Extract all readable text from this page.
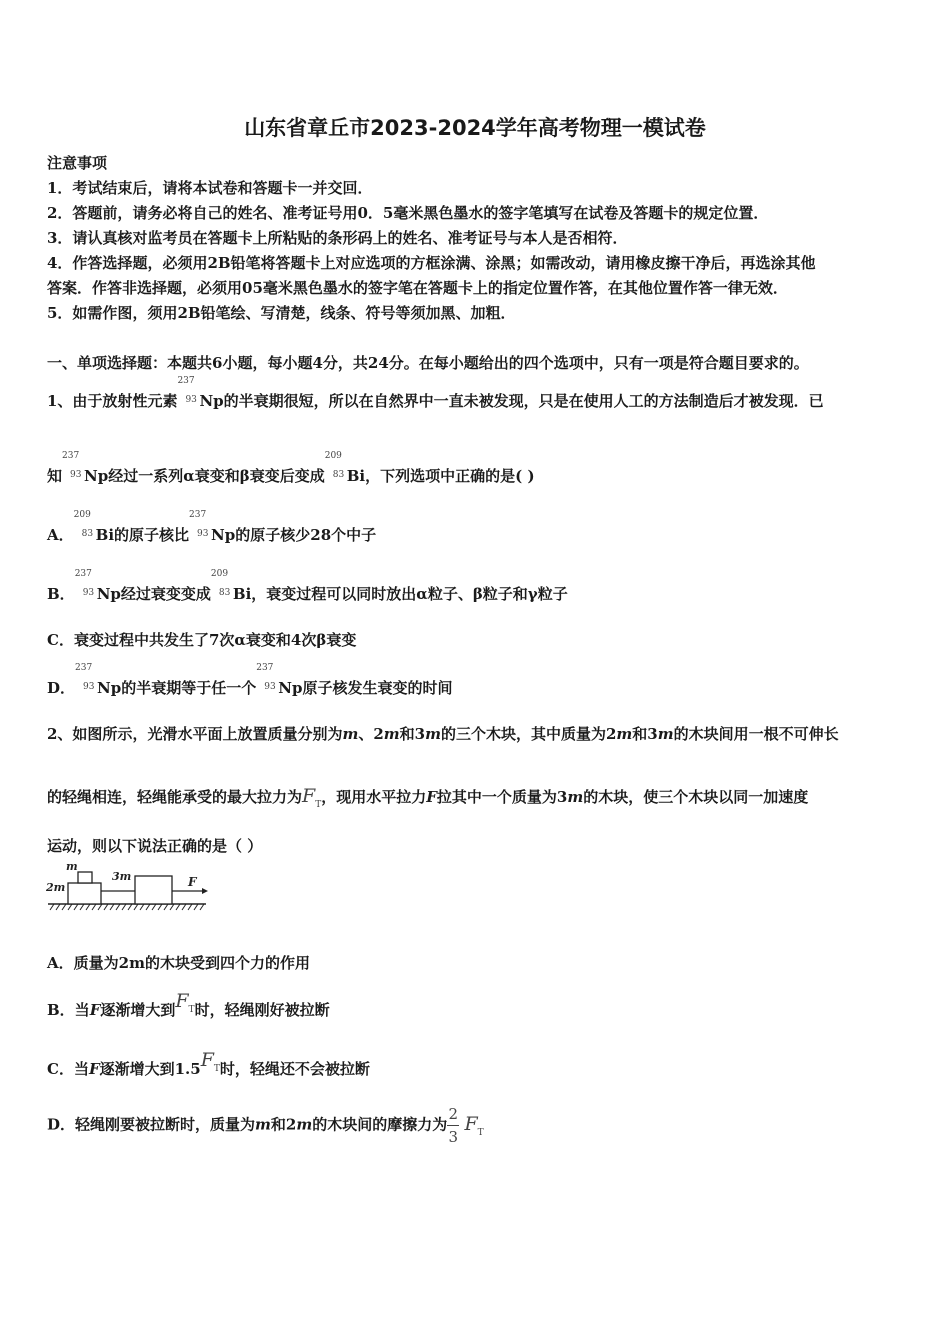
山东省章丘市2023-2024学年高考物理一模试卷
注意事项
1．考试结束后，请将本试卷和答题卡一并交回．
2．答题前，请务必将自己的姓名、准考证号用0．5毫米黑色墨水的签字笔填写在试卷及答题卡的规定位置．
3．请认真核对监考员在答题卡上所粘贴的条形码上的姓名、准考证号与本人是否相符．
4．作答选择题，必须用2B铅笔将答题卡上对应选项的方框涂满、涂黑；如需改动，请用橡皮擦干净后，再选涂其他
答案．作答非选择题，必须用05毫米黑色墨水的签字笔在答题卡上的指定位置作答，在其他位置作答一律无效．
5．如需作图，须用2B铅笔绘、写清楚，线条、符号等须加黑、加粗．
一、单项选择题：本题共6小题，每小题4分，共24分。在每小题给出的四个选项中，只有一项是符合题目要求的。
1、由于放射性元素
237
93 Np的半衰期很短，所以在自然界中一直未被发现，只是在使用人工的方法制造后才被发现．已
知
237
93 Np经过一系列α衰变和β衰变后变成
209
83 Bi，下列选项中正确的是( )
A．
209
83 Bi的原子核比
237
93 Np的原子核少28个中子
B．
237
93 Np经过衰变变成
209
83 Bi，衰变过程可以同时放出α粒子、β粒子和γ粒子
C．衰变过程中共发生了7次α衰变和4次β衰变
D．
237
93 Np的半衰期等于任一个
237
93 Np原子核发生衰变的时间
2、如图所示，光滑水平面上放置质量分别为m、2m和3m的三个木块，其中质量为2m和3m的木块间用一根不可伸长
的轻绳相连，轻绳能承受的最大拉力为$F_T$，现用水平拉力F拉其中一个质量为3m的木块，使三个木块以同一加速度
运动，则以下说法正确的是（ ）
m
2m
3m	F
A．质量为2m的木块受到四个力的作用
B．当F逐渐增大到$F_T$时，轻绳刚好被拉断
C．当F逐渐增大到$1.5F_T$时，轻绳还不会被拉断
D．轻绳刚要被拉断时，质量为m和2m的木块间的摩擦力为 $\frac{2}{3} F_T$
